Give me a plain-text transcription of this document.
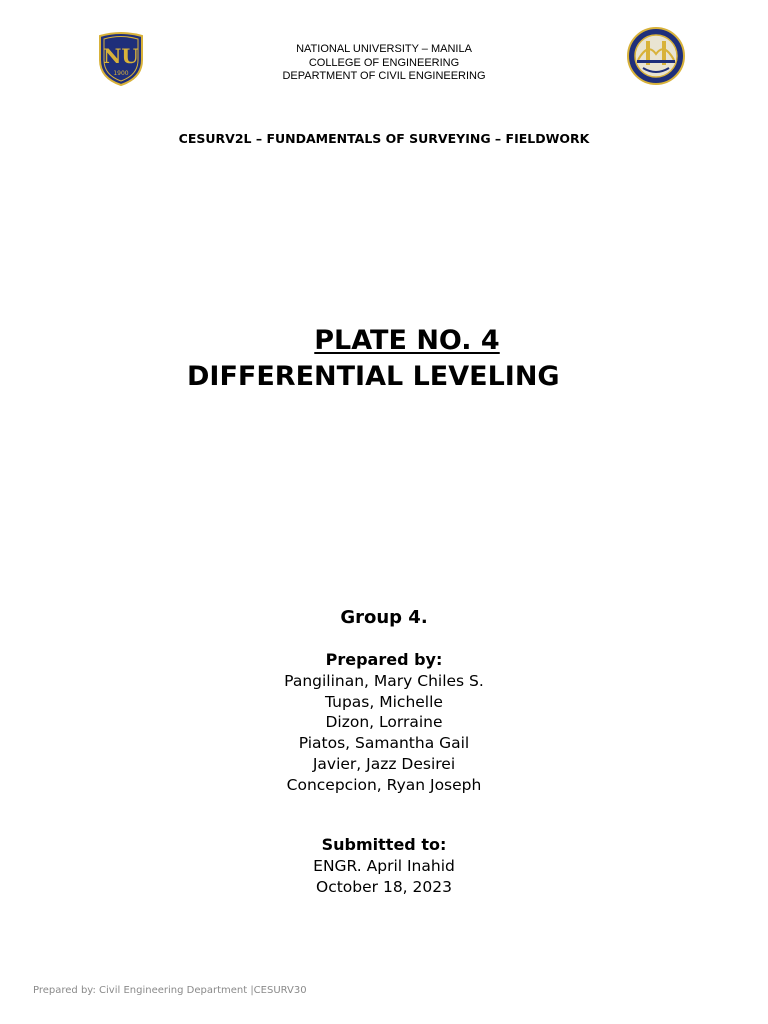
NU
1900
NATIONAL UNIVERSITY – MANILA
COLLEGE OF ENGINEERING
DEPARTMENT OF CIVIL ENGINEERING
CESURV2L – FUNDAMENTALS OF SURVEYING – FIELDWORK
PLATE NO. 4
DIFFERENTIAL LEVELING
Group 4.
Prepared by:
Pangilinan, Mary Chiles S.
Tupas, Michelle
Dizon, Lorraine
Piatos, Samantha Gail
Javier, Jazz Desirei
Concepcion, Ryan Joseph
Submitted to:
ENGR. April Inahid
October 18, 2023
Prepared by: Civil Engineering Department |CESURV30
